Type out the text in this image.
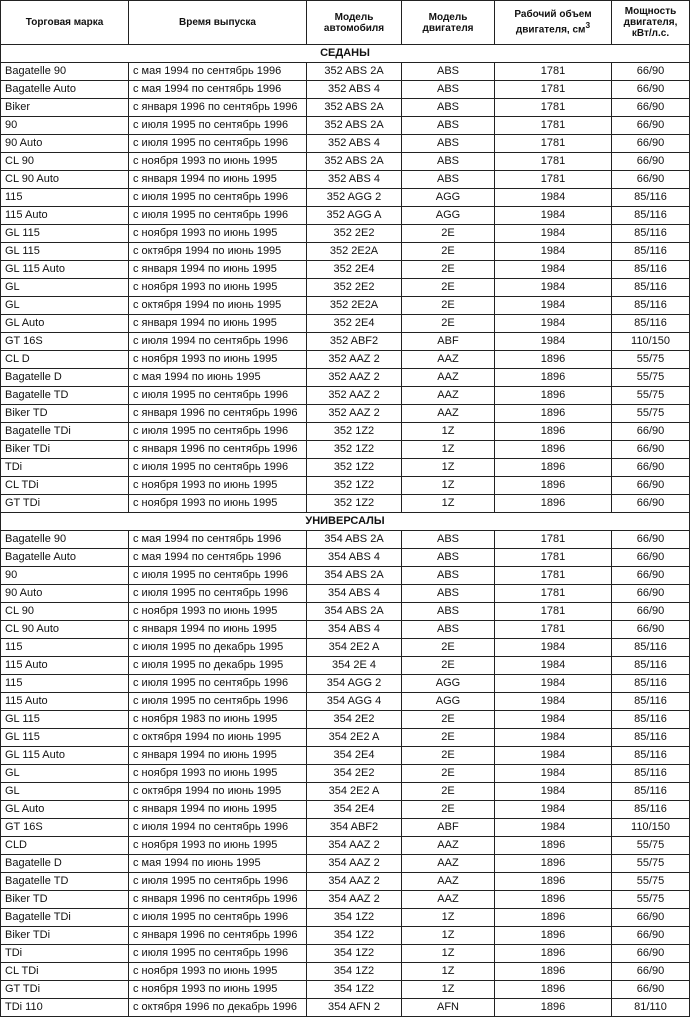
Торговая марка	Время выпуска	Модель автомобиля	Модель двигателя	Рабочий объем двигателя, $см^3$	Мощность двигателя, кВт/л.с.
СЕДАНЫ					
Bagatelle 90	с мая 1994 по сентябрь 1996	352 ABS 2A	ABS	1781	66/90
Bagatelle Auto	с мая 1994 по сентябрь 1996	352 ABS 4	ABS	1781	66/90
Biker	с января 1996 по сентябрь 1996	352 ABS 2A	ABS	1781	66/90
90	с июля 1995 по сентябрь 1996	352 ABS 2A	ABS	1781	66/90
90 Auto	с июля 1995 по сентябрь 1996	352 ABS 4	ABS	1781	66/90
CL 90	с ноября 1993 по июнь 1995	352 ABS 2A	ABS	1781	66/90
CL 90 Auto	с января 1994 по июнь 1995	352 ABS 4	ABS	1781	66/90
115	с июля 1995 по сентябрь 1996	352 AGG 2	AGG	1984	85/116
115 Auto	с июля 1995 по сентябрь 1996	352 AGG A	AGG	1984	85/116
GL 115	с ноября 1993 по июнь 1995	352 2E2	2E	1984	85/116
GL 115	с октября 1994 по июнь 1995	352 2E2A	2E	1984	85/116
GL 115 Auto	с января 1994 по июнь 1995	352 2E4	2E	1984	85/116
GL	с ноября 1993 по июнь 1995	352 2E2	2E	1984	85/116
GL	с октября 1994 по июнь 1995	352 2E2A	2E	1984	85/116
GL Auto	с января 1994 по июнь 1995	352 2E4	2E	1984	85/116
GT 16S	с июля 1994 по сентябрь 1996	352 ABF2	ABF	1984	110/150
CL D	с ноября 1993 по июнь 1995	352 AAZ 2	AAZ	1896	55/75
Bagatelle D	с мая 1994 по июнь 1995	352 AAZ 2	AAZ	1896	55/75
Bagatelle TD	с июля 1995 по сентябрь 1996	352 AAZ 2	AAZ	1896	55/75
Biker TD	с января 1996 по сентябрь 1996	352 AAZ 2	AAZ	1896	55/75
Bagatelle TDi	с июля 1995 по сентябрь 1996	352 1Z2	1Z	1896	66/90
Biker TDi	с января 1996 по сентябрь 1996	352 1Z2	1Z	1896	66/90
TDi	с июля 1995 по сентябрь 1996	352 1Z2	1Z	1896	66/90
CL TDi	с ноября 1993 по июнь 1995	352 1Z2	1Z	1896	66/90
GT TDi	с ноября 1993 по июнь 1995	352 1Z2	1Z	1896	66/90
УНИВЕРСАЛЫ					
Bagatelle 90	с мая 1994 по сентябрь 1996	354 ABS 2A	ABS	1781	66/90
Bagatelle Auto	с мая 1994 по сентябрь 1996	354 ABS 4	ABS	1781	66/90
90	с июля 1995 по сентябрь 1996	354 ABS 2A	ABS	1781	66/90
90 Auto	с июля 1995 по сентябрь 1996	354 ABS 4	ABS	1781	66/90
CL 90	с ноября 1993 по июнь 1995	354 ABS 2A	ABS	1781	66/90
CL 90 Auto	с января 1994 по июнь 1995	354 ABS 4	ABS	1781	66/90
115	с июля 1995 по декабрь 1995	354 2E2 A	2E	1984	85/116
115 Auto	с июля 1995 по декабрь 1995	354 2E 4	2E	1984	85/116
115	с июля 1995 по сентябрь 1996	354 AGG 2	AGG	1984	85/116
115 Auto	с июля 1995 по сентябрь 1996	354 AGG 4	AGG	1984	85/116
GL 115	с ноября 1983 по июнь 1995	354 2E2	2E	1984	85/116
GL 115	с октября 1994 по июнь 1995	354 2E2 A	2E	1984	85/116
GL 115 Auto	с января 1994 по июнь 1995	354 2E4	2E	1984	85/116
GL	с ноября 1993 по июнь 1995	354 2E2	2E	1984	85/116
GL	с октября 1994 по июнь 1995	354 2E2 A	2E	1984	85/116
GL Auto	с января 1994 по июнь 1995	354 2E4	2E	1984	85/116
GT 16S	с июля 1994 по сентябрь 1996	354 ABF2	ABF	1984	110/150
CLD	с ноября 1993 по июнь 1995	354 AAZ 2	AAZ	1896	55/75
Bagatelle D	с мая 1994 по июнь 1995	354 AAZ 2	AAZ	1896	55/75
Bagatelle TD	с июля 1995 по сентябрь 1996	354 AAZ 2	AAZ	1896	55/75
Biker TD	с января 1996 по сентябрь 1996	354 AAZ 2	AAZ	1896	55/75
Bagatelle TDi	с июля 1995 по сентябрь 1996	354 1Z2	1Z	1896	66/90
Biker TDi	с января 1996 по сентябрь 1996	354 1Z2	1Z	1896	66/90
TDi	с июля 1995 по сентябрь 1996	354 1Z2	1Z	1896	66/90
CL TDi	с ноября 1993 по июнь 1995	354 1Z2	1Z	1896	66/90
GT TDi	с ноября 1993 по июнь 1995	354 1Z2	1Z	1896	66/90
TDi 110	с октября 1996 по декабрь 1996	354 AFN 2	AFN	1896	81/110
